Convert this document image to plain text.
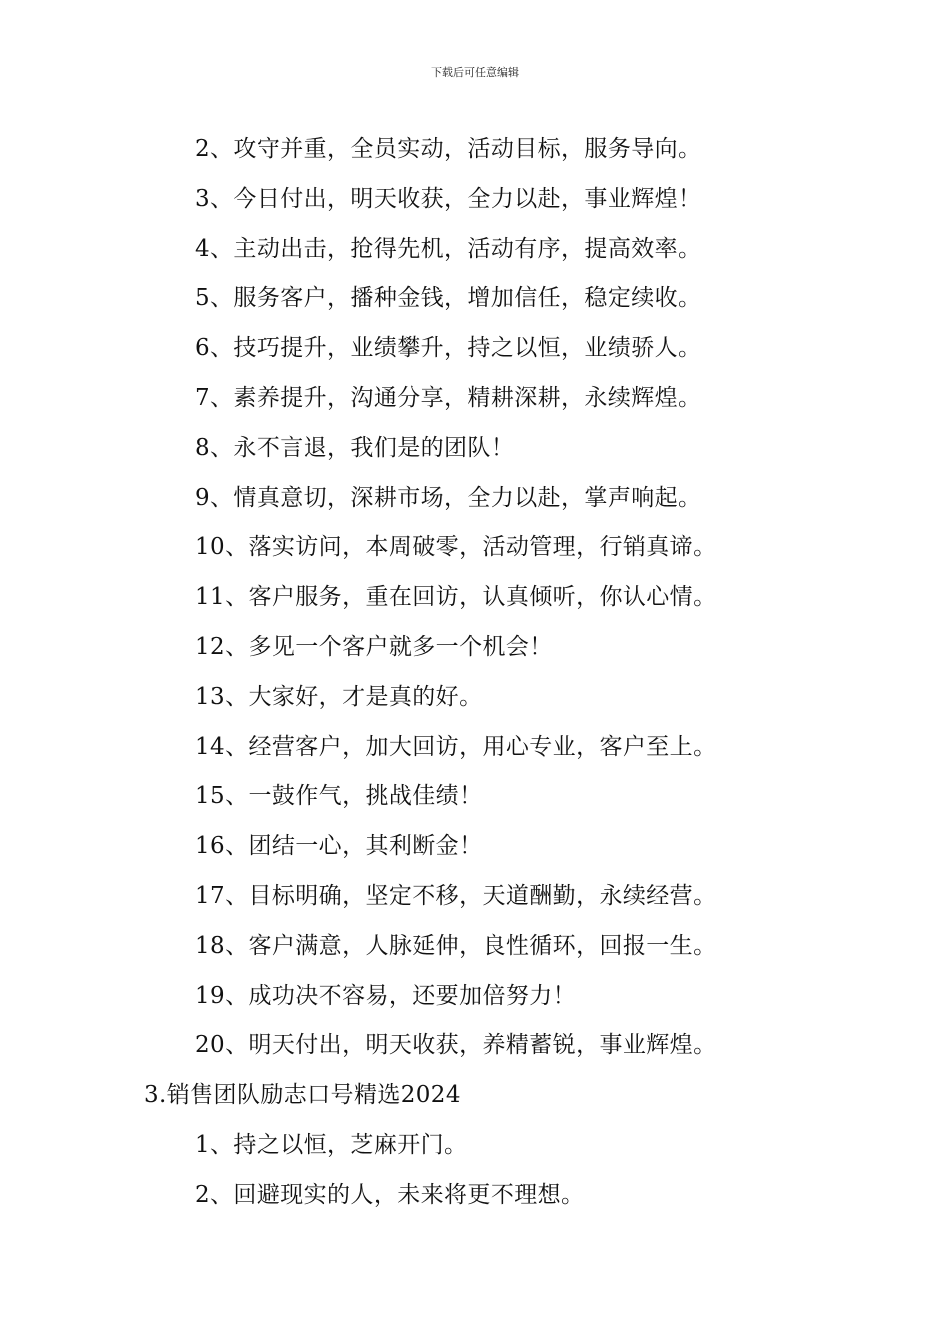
下载后可任意编辑
2、攻守并重，全员实动，活动目标，服务导向。
3、今日付出，明天收获，全力以赴，事业辉煌！
4、主动出击，抢得先机，活动有序，提高效率。
5、服务客户，播种金钱，增加信任，稳定续收。
6、技巧提升，业绩攀升，持之以恒，业绩骄人。
7、素养提升，沟通分享，精耕深耕，永续辉煌。
8、永不言退，我们是的团队！
9、情真意切，深耕市场，全力以赴，掌声响起。
10、落实访问，本周破零，活动管理，行销真谛。
11、客户服务，重在回访，认真倾听，你认心情。
12、多见一个客户就多一个机会！
13、大家好，才是真的好。
14、经营客户，加大回访，用心专业，客户至上。
15、一鼓作气，挑战佳绩！
16、团结一心，其利断金！
17、目标明确，坚定不移，天道酬勤，永续经营。
18、客户满意，人脉延伸，良性循环，回报一生。
19、成功决不容易，还要加倍努力！
20、明天付出，明天收获，养精蓄锐，事业辉煌。
3.销售团队励志口号精选2024
1、持之以恒，芝麻开门。
2、回避现实的人，未来将更不理想。
